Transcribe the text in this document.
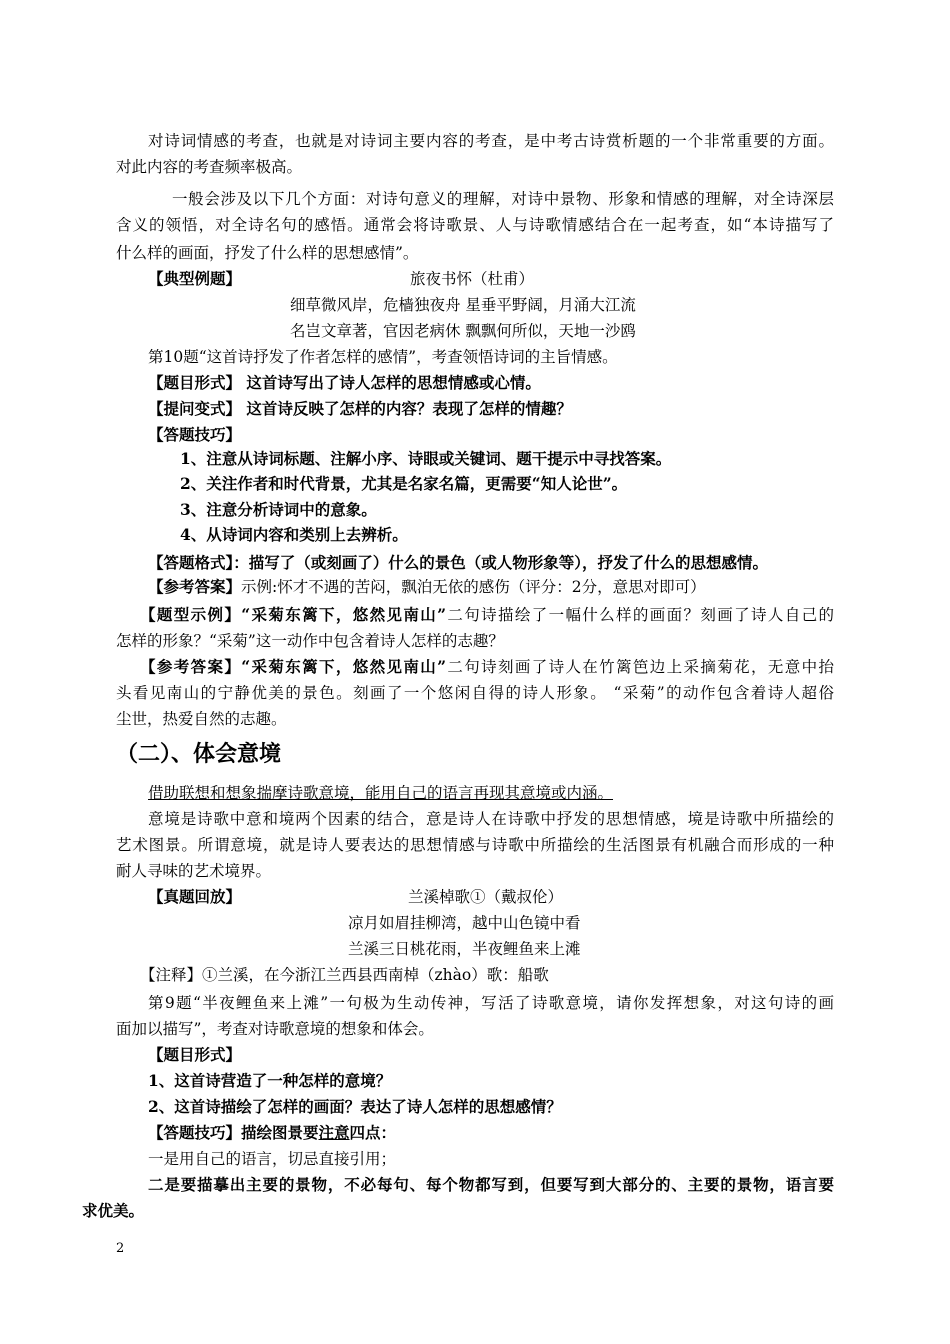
对诗词情感的考查，也就是对诗词主要内容的考查，是中考古诗赏析题的一个非常重要的方面。
对此内容的考查频率极高。
一般会涉及以下几个方面：对诗句意义的理解，对诗中景物、形象和情感的理解，对全诗深层
含义的领悟，对全诗名句的感悟。通常会将诗歌景、人与诗歌情感结合在一起考查，如“本诗描写了
什么样的画面，抒发了什么样的思想感情”。
【典型例题】	旅夜书怀（杜甫）
细草微风岸，危樯独夜舟 星垂平野阔，月涌大江流
名岂文章著，官因老病休 飘飘何所似，天地一沙鸥
第10题“这首诗抒发了作者怎样的感情”，考查领悟诗词的主旨情感。
【题目形式】 这首诗写出了诗人怎样的思想情感或心情。
【提问变式】 这首诗反映了怎样的内容？表现了怎样的情趣？
【答题技巧】
1、注意从诗词标题、注解小序、诗眼或关键词、题干提示中寻找答案。
2、关注作者和时代背景，尤其是名家名篇，更需要“知人论世”。
3、注意分析诗词中的意象。
4、从诗词内容和类别上去辨析。
【答题格式】：描写了（或刻画了）什么的景色（或人物形象等），抒发了什么的思想感情。
【参考答案】示例:怀才不遇的苦闷，飘泊无依的感伤（评分：2分，意思对即可）
【题型示例】“采菊东篱下，悠然见南山”二句诗描绘了一幅什么样的画面？刻画了诗人自己的
怎样的形象？“采菊”这一动作中包含着诗人怎样的志趣？
【参考答案】“采菊东篱下，悠然见南山”二句诗刻画了诗人在竹篱笆边上采摘菊花，无意中抬
头看见南山的宁静优美的景色。刻画了一个悠闲自得的诗人形象。 “采菊”的动作包含着诗人超俗
尘世，热爱自然的志趣。
（二）、体会意境
借助联想和想象揣摩诗歌意境，能用自己的语言再现其意境或内涵。
意境是诗歌中意和境两个因素的结合，意是诗人在诗歌中抒发的思想情感，境是诗歌中所描绘的
艺术图景。所谓意境，就是诗人要表达的思想情感与诗歌中所描绘的生活图景有机融合而形成的一种
耐人寻味的艺术境界。
【真题回放】	兰溪棹歌①（戴叔伦）
凉月如眉挂柳湾，越中山色镜中看
兰溪三日桃花雨，半夜鲤鱼来上滩
【注释】①兰溪，在今浙江兰西县西南棹（zhào）歌：船歌
第9题“半夜鲤鱼来上滩”一句极为生动传神，写活了诗歌意境，请你发挥想象，对这句诗的画
面加以描写”，考查对诗歌意境的想象和体会。
【题目形式】
1、这首诗营造了一种怎样的意境？
2、这首诗描绘了怎样的画面？表达了诗人怎样的思想感情？
【答题技巧】描绘图景要注意四点：
一是用自己的语言，切忌直接引用；
二是要描摹出主要的景物，不必每句、每个物都写到，但要写到大部分的、主要的景物，语言要
求优美。
2
